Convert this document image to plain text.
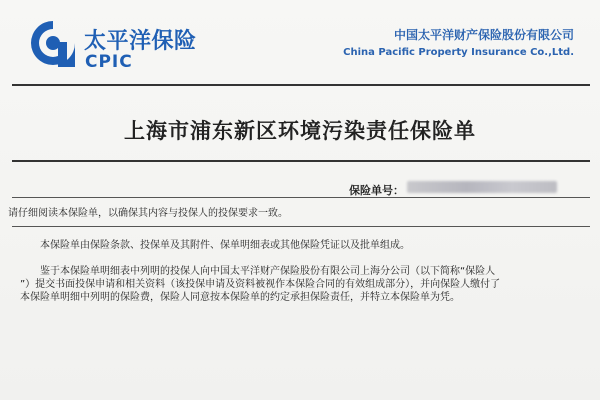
太平洋保险
CPIC
中国太平洋财产保险股份有限公司
China Pacific Property Insurance Co.,Ltd.
上海市浦东新区环境污染责任保险单
保险单号：
请仔细阅读本保险单，以确保其内容与投保人的投保要求一致。
本保险单由保险条款、投保单及其附件、保单明细表或其他保险凭证以及批单组成。
鉴于本保险单明细表中列明的投保人向中国太平洋财产保险股份有限公司上海分公司（以下简称“保险人
”）提交书面投保申请和相关资料（该投保申请及资料被视作本保险合同的有效组成部分），并向保险人缴付了
本保险单明细中列明的保险费，保险人同意按本保险单的约定承担保险责任，并特立本保险单为凭。
